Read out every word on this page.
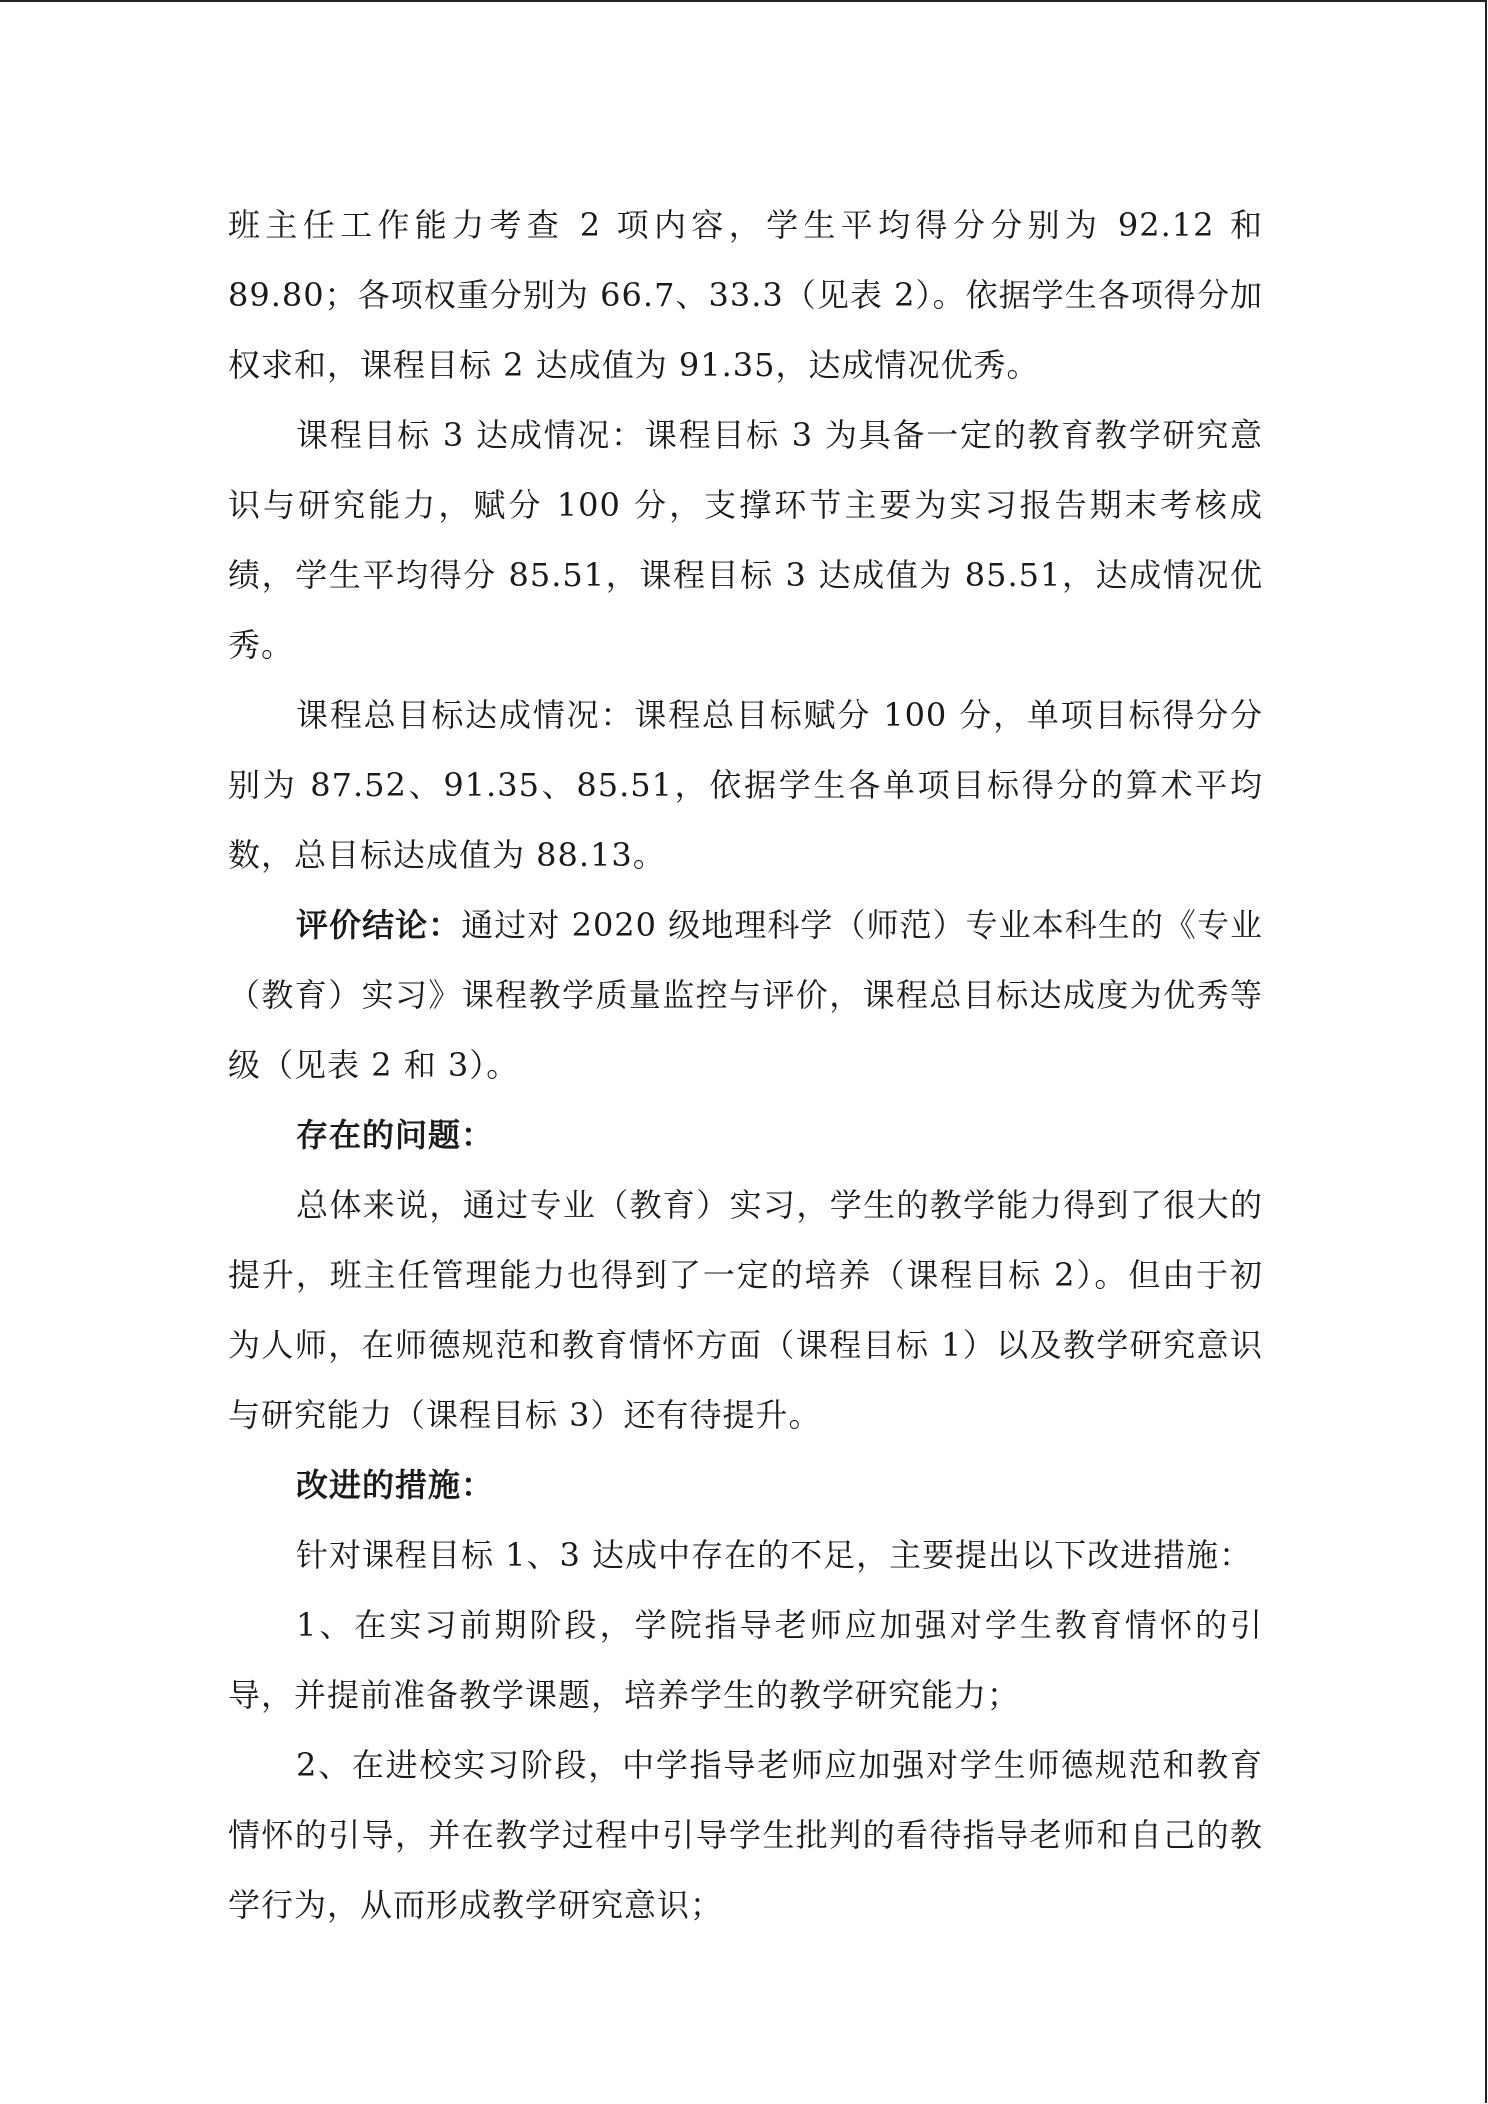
班主任工作能力考查 2 项内容，学生平均得分分别为 92.12 和 89.80；各项权重分别为 66.7、33.3（见表 2）。依据学生各项得分加权求和，课程目标 2 达成值为 91.35，达成情况优秀。

课程目标 3 达成情况：课程目标 3 为具备一定的教育教学研究意识与研究能力，赋分 100 分，支撑环节主要为实习报告期末考核成绩，学生平均得分 85.51，课程目标 3 达成值为 85.51，达成情况优秀。

课程总目标达成情况：课程总目标赋分 100 分，单项目标得分分别为 87.52、91.35、85.51，依据学生各单项目标得分的算术平均数，总目标达成值为 88.13。

评价结论：通过对 2020 级地理科学（师范）专业本科生的《专业（教育）实习》课程教学质量监控与评价，课程总目标达成度为优秀等级（见表 2 和 3）。

存在的问题：

总体来说，通过专业（教育）实习，学生的教学能力得到了很大的提升，班主任管理能力也得到了一定的培养（课程目标 2）。但由于初为人师，在师德规范和教育情怀方面（课程目标 1）以及教学研究意识与研究能力（课程目标 3）还有待提升。

改进的措施：

针对课程目标 1、3 达成中存在的不足，主要提出以下改进措施：

1、在实习前期阶段，学院指导老师应加强对学生教育情怀的引导，并提前准备教学课题，培养学生的教学研究能力；

2、在进校实习阶段，中学指导老师应加强对学生师德规范和教育情怀的引导，并在教学过程中引导学生批判的看待指导老师和自己的教学行为，从而形成教学研究意识；
